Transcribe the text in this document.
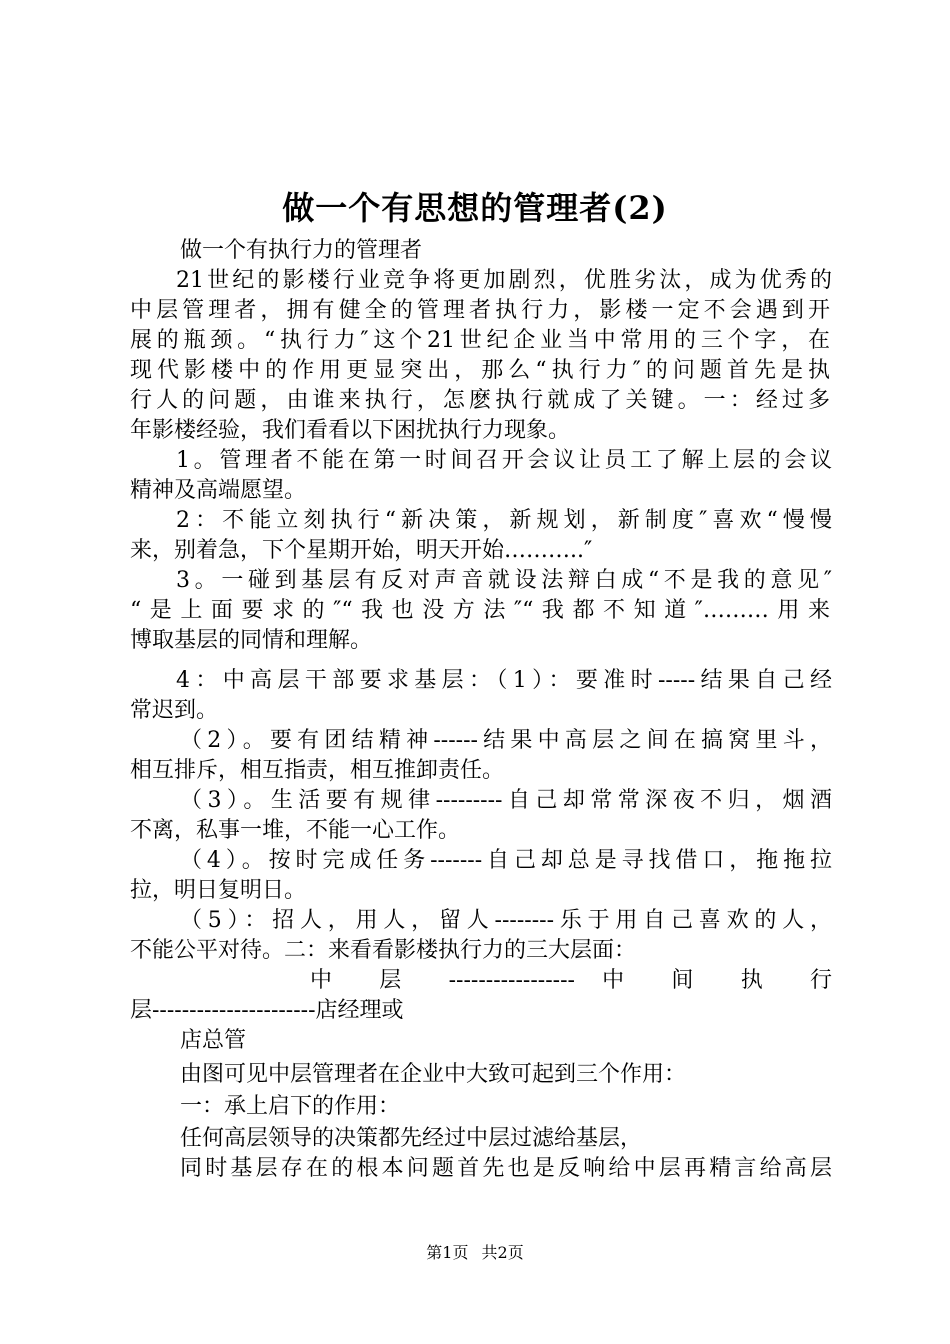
做一个有思想的管理者(2)
做一个有执行力的管理者
21世纪的影楼行业竞争将更加剧烈，优胜劣汰，成为优秀的
中层管理者，拥有健全的管理者执行力，影楼一定不会遇到开
展的瓶颈。“执行力″这个21世纪企业当中常用的三个字，在
现代影楼中的作用更显突出，那么“执行力″的问题首先是执
行人的问题，由谁来执行，怎麽执行就成了关键。一：经过多
年影楼经验，我们看看以下困扰执行力现象。
1。管理者不能在第一时间召开会议让员工了解上层的会议
精神及高端愿望。
2：不能立刻执行“新决策，新规划，新制度″喜欢“慢慢
来，别着急，下个星期开始，明天开始………..″
3。一碰到基层有反对声音就设法辩白成“不是我的意见″
“是上面要求的″“我也没方法″“我都不知道″………用来
博取基层的同情和理解。
4：中高层干部要求基层：（1）：要准时-----结果自己经
常迟到。
（2）。要有团结精神------结果中高层之间在搞窝里斗，
相互排斥，相互指责，相互推卸责任。
（3）。生活要有规律---------自己却常常深夜不归，烟酒
不离，私事一堆，不能一心工作。
（4）。按时完成任务-------自己却总是寻找借口，拖拖拉
拉，明日复明日。
（5）：招人，用人，留人--------乐于用自己喜欢的人，
不能公平对待。二：来看看影楼执行力的三大层面：
中 层 ----------------- 中 间 执 行
层----------------------店经理或
店总管
由图可见中层管理者在企业中大致可起到三个作用：
一：承上启下的作用：
任何高层领导的决策都先经过中层过滤给基层，
同时基层存在的根本问题首先也是反响给中层再精言给高层
第1页 共2页
